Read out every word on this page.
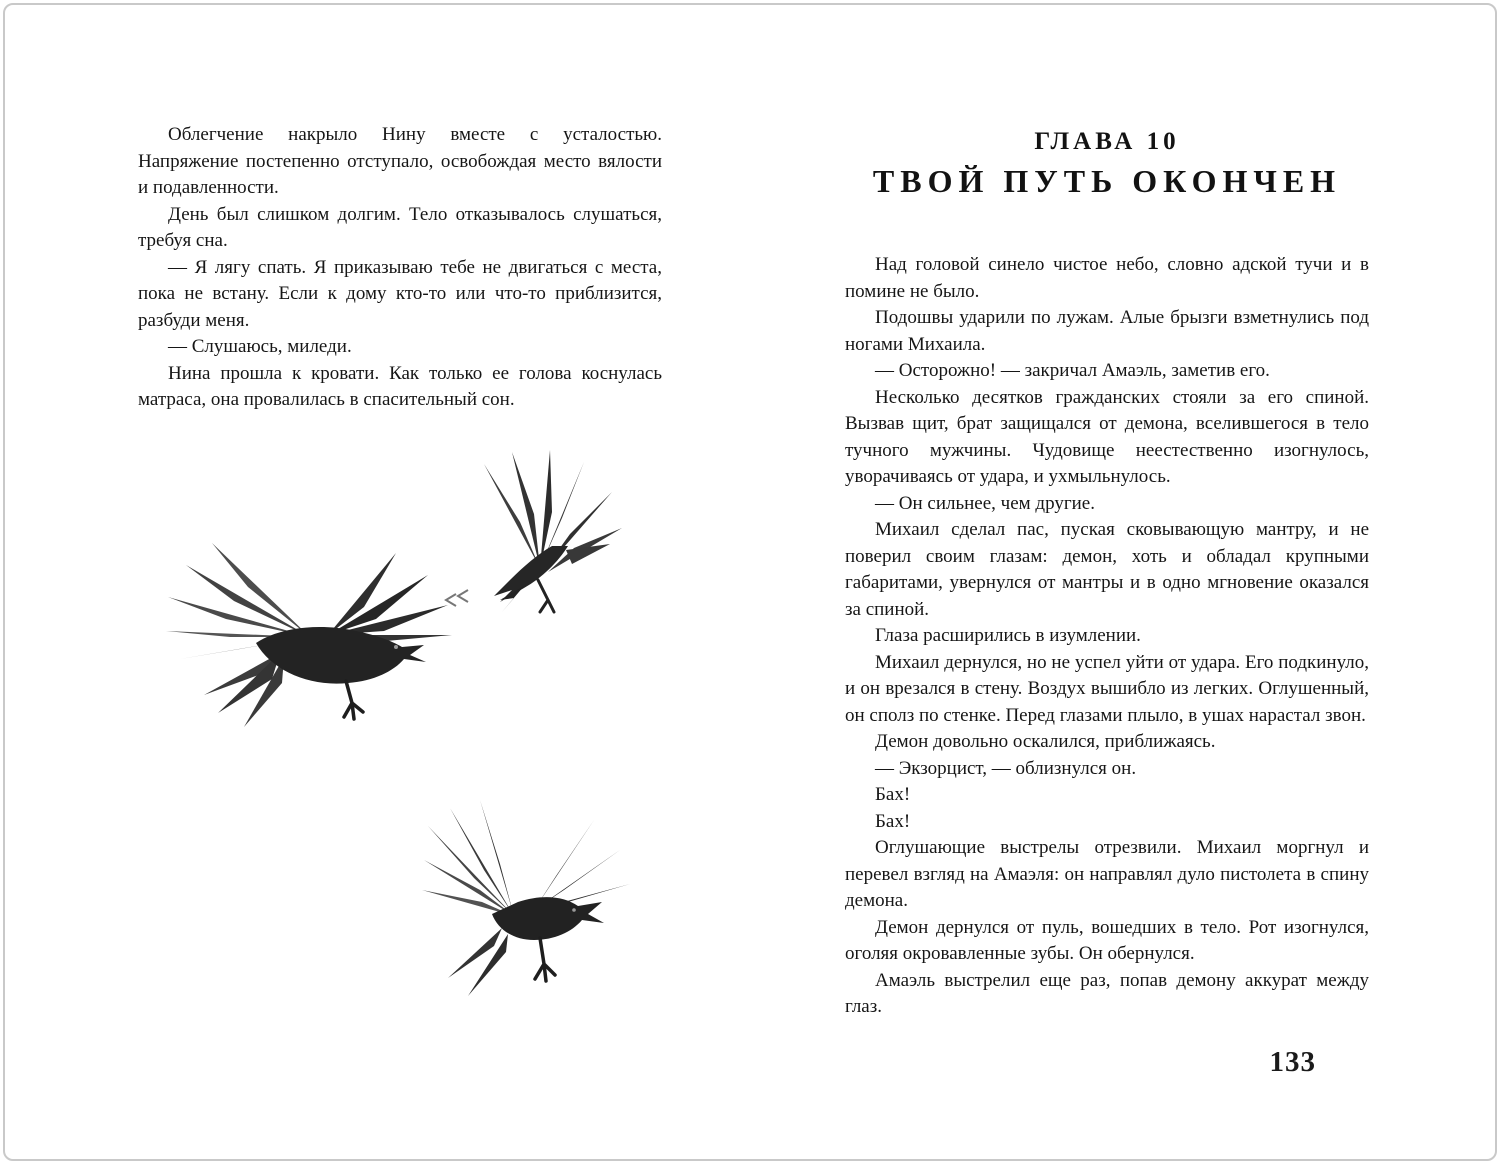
Облегчение накрыло Нину вместе с усталостью. Напряжение постепенно отступало, освобождая место вялости и подавленности.

День был слишком долгим. Тело отказывалось слушаться, требуя сна.

— Я лягу спать. Я приказываю тебе не двигаться с места, пока не встану. Если к дому кто-то или что-то приблизится, разбуди меня.

— Слушаюсь, миледи.

Нина прошла к кровати. Как только ее голова коснулась матраса, она провалилась в спасительный сон.

ГЛАВА 10
ТВОЙ ПУТЬ ОКОНЧЕН

Над головой синело чистое небо, словно адской тучи и в помине не было.

Подошвы ударили по лужам. Алые брызги взметнулись под ногами Михаила.

— Осторожно! — закричал Амаэль, заметив его.

Несколько десятков гражданских стояли за его спиной. Вызвав щит, брат защищался от демона, вселившегося в тело тучного мужчины. Чудовище неестественно изогнулось, уворачиваясь от удара, и ухмыльнулось.

— Он сильнее, чем другие.

Михаил сделал пас, пуская сковывающую мантру, и не поверил своим глазам: демон, хоть и обладал крупными габаритами, увернулся от мантры и в одно мгновение оказался за спиной.

Глаза расширились в изумлении.

Михаил дернулся, но не успел уйти от удара. Его подкинуло, и он врезался в стену. Воздух вышибло из легких. Оглушенный, он сполз по стенке. Перед глазами плыло, в ушах нарастал звон.

Демон довольно оскалился, приближаясь.

— Экзорцист, — облизнулся он.

Бах!

Бах!

Оглушающие выстрелы отрезвили. Михаил моргнул и перевел взгляд на Амаэля: он направлял дуло пистолета в спину демона.

Демон дернулся от пуль, вошедших в тело. Рот изогнулся, оголяя окровавленные зубы. Он обернулся.

Амаэль выстрелил еще раз, попав демону аккурат между глаз.

133
